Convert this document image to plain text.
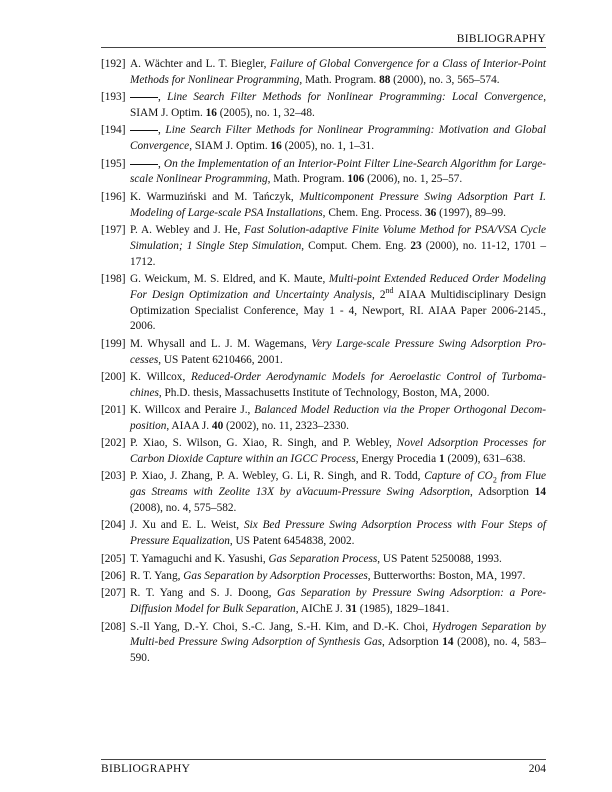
BIBLIOGRAPHY
[192] A. Wächter and L. T. Biegler, Failure of Global Convergence for a Class of Interior-Point Methods for Nonlinear Programming, Math. Program. 88 (2000), no. 3, 565–574.
[193]	, Line Search Filter Methods for Nonlinear Programming: Local Convergence, SIAM J. Optim. 16 (2005), no. 1, 32–48.
[194]	, Line Search Filter Methods for Nonlinear Programming: Motivation and Global Convergence, SIAM J. Optim. 16 (2005), no. 1, 1–31.
[195]	, On the Implementation of an Interior-Point Filter Line-Search Algorithm for Large-scale Nonlinear Programming, Math. Program. 106 (2006), no. 1, 25–57.
[196] K. Warmuziński and M. Tańczyk, Multicomponent Pressure Swing Adsorption Part I. Modeling of Large-scale PSA Installations, Chem. Eng. Process. 36 (1997), 89–99.
[197] P. A. Webley and J. He, Fast Solution-adaptive Finite Volume Method for PSA/VSA Cycle Simulation; 1 Single Step Simulation, Comput. Chem. Eng. 23 (2000), no. 11-12, 1701 – 1712.
[198] G. Weickum, M. S. Eldred, and K. Maute, Multi-point Extended Reduced Order Modeling For Design Optimization and Uncertainty Analysis, 2nd AIAA Multidisciplinary Design Optimization Specialist Conference, May 1 - 4, Newport, RI. AIAA Paper 2006-2145., 2006.
[199] M. Whysall and L. J. M. Wagemans, Very Large-scale Pressure Swing Adsorption Processes, US Patent 6210466, 2001.
[200] K. Willcox, Reduced-Order Aerodynamic Models for Aeroelastic Control of Turbomachines, Ph.D. thesis, Massachusetts Institute of Technology, Boston, MA, 2000.
[201] K. Willcox and Peraire J., Balanced Model Reduction via the Proper Orthogonal Decomposition, AIAA J. 40 (2002), no. 11, 2323–2330.
[202] P. Xiao, S. Wilson, G. Xiao, R. Singh, and P. Webley, Novel Adsorption Processes for Carbon Dioxide Capture within an IGCC Process, Energy Procedia 1 (2009), 631–638.
[203] P. Xiao, J. Zhang, P. A. Webley, G. Li, R. Singh, and R. Todd, Capture of $CO_2$ from Flue gas Streams with Zeolite 13X by aVacuum-Pressure Swing Adsorption, Adsorption 14 (2008), no. 4, 575–582.
[204] J. Xu and E. L. Weist, Six Bed Pressure Swing Adsorption Process with Four Steps of Pressure Equalization, US Patent 6454838, 2002.
[205] T. Yamaguchi and K. Yasushi, Gas Separation Process, US Patent 5250088, 1993.
[206] R. T. Yang, Gas Separation by Adsorption Processes, Butterworths: Boston, MA, 1997.
[207] R. T. Yang and S. J. Doong, Gas Separation by Pressure Swing Adsorption: a Pore-Diffusion Model for Bulk Separation, AIChE J. 31 (1985), 1829–1841.
[208] S.-Il Yang, D.-Y. Choi, S.-C. Jang, S.-H. Kim, and D.-K. Choi, Hydrogen Separation by Multi-bed Pressure Swing Adsorption of Synthesis Gas, Adsorption 14 (2008), no. 4, 583–590.
BIBLIOGRAPHY	204
